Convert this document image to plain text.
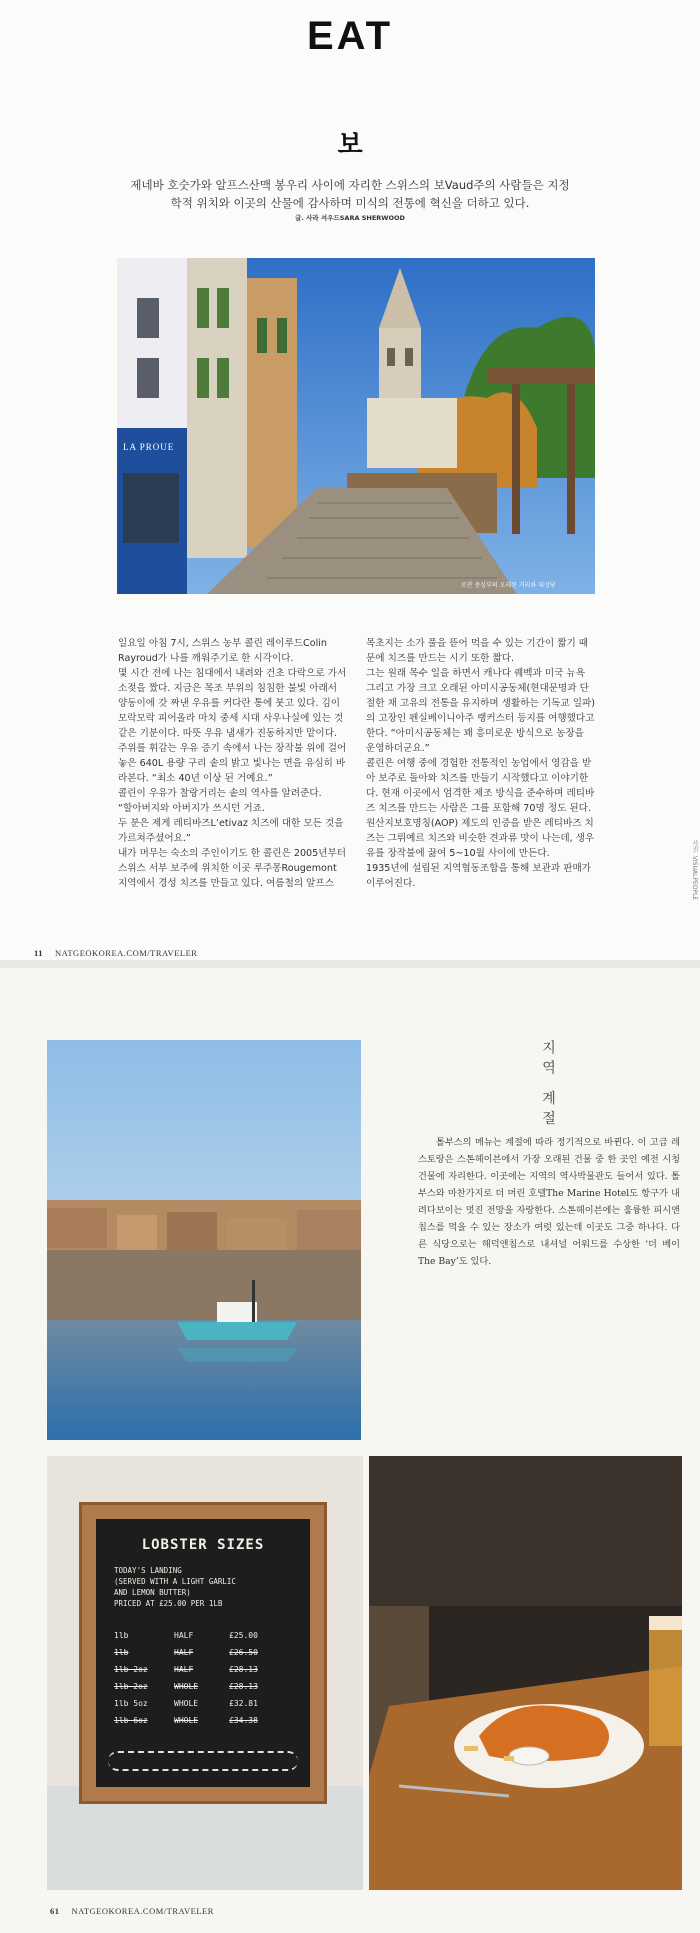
EAT
보
제네바 호숫가와 알프스산맥 봉우리 사이에 자리한 스위스의 보Vaud주의 사람들은 지정학적 위치와 이곳의 산물에 감사하며 미식의 전통에 혁신을 더하고 있다.
글. 사라 셔우드SARA SHERWOOD
LA PROUE
로잔 중심부의 오래된 거리와 대성당

일요일 아침 7시, 스위스 농부 콜린 레이루드Colin Rayroud가 나를 깨워주기로 한 시각이다.

몇 시간 전에 나는 침대에서 내려와 건초 다락으로 가서 소젖을 짰다. 지금은 목조 부위의 침침한 불빛 아래서 양동이에 갓 짜낸 우유를 커다란 통에 붓고 있다. 김이 모락모락 피어올라 마치 중세 시대 사우나실에 있는 것 같은 기분이다. 따뜻 우유 냄새가 진동하지만 맡이다.

주위를 휘감는 우유 증기 속에서 나는 장작불 위에 걸어놓은 640L 용량 구리 솥의 밝고 빛나는 면을 유심히 바라본다. “최소 40년 이상 된 거예요.”

콜린이 우유가 찰랑거리는 솥의 역사를 알려준다.

“할아버지와 아버지가 쓰시던 거죠.

두 분은 제게 레티바즈L’etivaz 치즈에 대한 모든 것을 가르쳐주셨어요.”

내가 머무는 숙소의 주인이기도 한 콜린은 2005년부터 스위스 서부 보주에 위치한 이곳 루주몽Rougemont 지역에서 경성 치즈를 만들고 있다. 여름철의 알프스

목초지는 소가 풀을 뜯어 먹을 수 있는 기간이 짧기 때문에 치즈를 만드는 시기 또한 짧다.

그는 원래 목수 일을 하면서 캐나다 퀘벡과 미국 뉴욕 그리고 가장 크고 오래된 아미시공동체(현대문명과 단절한 채 고유의 전통을 유지하며 생활하는 기독교 일파)의 고장인 펜실베이니아주 랭커스터 등지를 여행했다고 한다. “아미시공동체는 꽤 흥미로운 방식으로 농장을 운영하더군요.”

콜린은 여행 중에 경험한 전통적인 농업에서 영감을 받아 보주로 돌아와 치즈를 만들기 시작했다고 이야기한다. 현재 이곳에서 엄격한 제조 방식을 준수하며 레티바즈 치즈를 만드는 사람은 그를 포함해 70명 정도 된다.

원산지보호명칭(AOP) 제도의 인증을 받은 레티바즈 치즈는 그뤼예르 치즈와 비슷한 견과류 맛이 나는데, 생우유를 장작불에 끓여 5~10월 사이에 만든다.

1935년에 설립된 지역협동조합을 통해 보관과 판매가 이루어진다.	사진. VISUALPEOPLE
11 NATGEOKOREA.COM/TRAVELER
지역 계절
톨부스의 메뉴는 계절에 따라 정기적으로 바뀐다. 이 고급 레스토랑은 스톤헤이븐에서 가장 오래된 건물 중 한 곳인 예전 시청 건물에 자리한다. 이곳에는 지역의 역사박물관도 들어서 있다. 톨부스와 마찬가지로 더 머린 호텔The Marine Hotel도 항구가 내려다보이는 멋진 전망을 자랑한다. 스톤헤이븐에는 훌륭한 피시앤칩스를 먹을 수 있는 장소가 여럿 있는데 이곳도 그중 하나다. 다른 식당으로는 해덕앤칩스로 내셔널 어워드를 수상한 ‘더 베이The Bay’도 있다.
LOBSTER SIZES
TODAY'S LANDING
(SERVED WITH A LIGHT GARLIC
AND LEMON BUTTER)
PRICED AT £25.00 PER 1LB
1lb	HALF	£25.00
1lb	HALF	£26.50
1lb 2oz	HALF	£28.13
1lb 2oz	WHOLE	£28.13
1lb 5oz	WHOLE	£32.81
1lb 6oz	WHOLE	£34.38
61 NATGEOKOREA.COM/TRAVELER
